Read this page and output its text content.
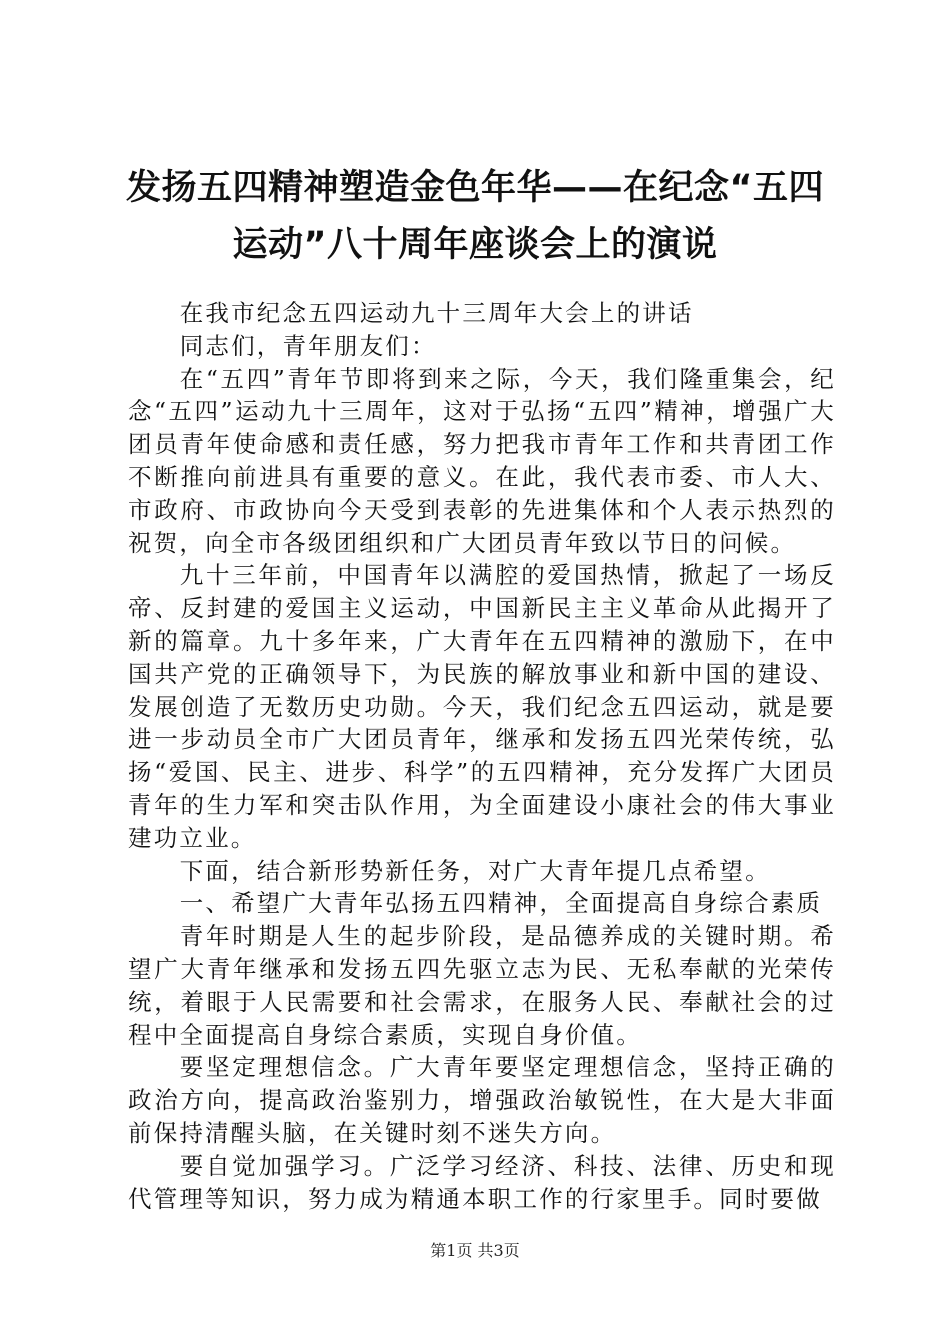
发扬五四精神塑造金色年华——在纪念“五四运动”八十周年座谈会上的演说

在我市纪念五四运动九十三周年大会上的讲话

同志们，青年朋友们：

在“五四”青年节即将到来之际，今天，我们隆重集会，纪念“五四”运动九十三周年，这对于弘扬“五四”精神，增强广大团员青年使命感和责任感，努力把我市青年工作和共青团工作不断推向前进具有重要的意义。在此，我代表市委、市人大、市政府、市政协向今天受到表彰的先进集体和个人表示热烈的祝贺，向全市各级团组织和广大团员青年致以节日的问候。

九十三年前，中国青年以满腔的爱国热情，掀起了一场反帝、反封建的爱国主义运动，中国新民主主义革命从此揭开了新的篇章。九十多年来，广大青年在五四精神的激励下，在中国共产党的正确领导下，为民族的解放事业和新中国的建设、发展创造了无数历史功勋。今天，我们纪念五四运动，就是要进一步动员全市广大团员青年，继承和发扬五四光荣传统，弘扬“爱国、民主、进步、科学”的五四精神，充分发挥广大团员青年的生力军和突击队作用，为全面建设小康社会的伟大事业建功立业。

下面，结合新形势新任务，对广大青年提几点希望。

一、希望广大青年弘扬五四精神，全面提高自身综合素质

青年时期是人生的起步阶段，是品德养成的关键时期。希望广大青年继承和发扬五四先驱立志为民、无私奉献的光荣传统，着眼于人民需要和社会需求，在服务人民、奉献社会的过程中全面提高自身综合素质，实现自身价值。

要坚定理想信念。广大青年要坚定理想信念，坚持正确的政治方向，提高政治鉴别力，增强政治敏锐性，在大是大非面前保持清醒头脑，在关键时刻不迷失方向。

要自觉加强学习。广泛学习经济、科技、法律、历史和现代管理等知识，努力成为精通本职工作的行家里手。同时要做

第1页 共3页
